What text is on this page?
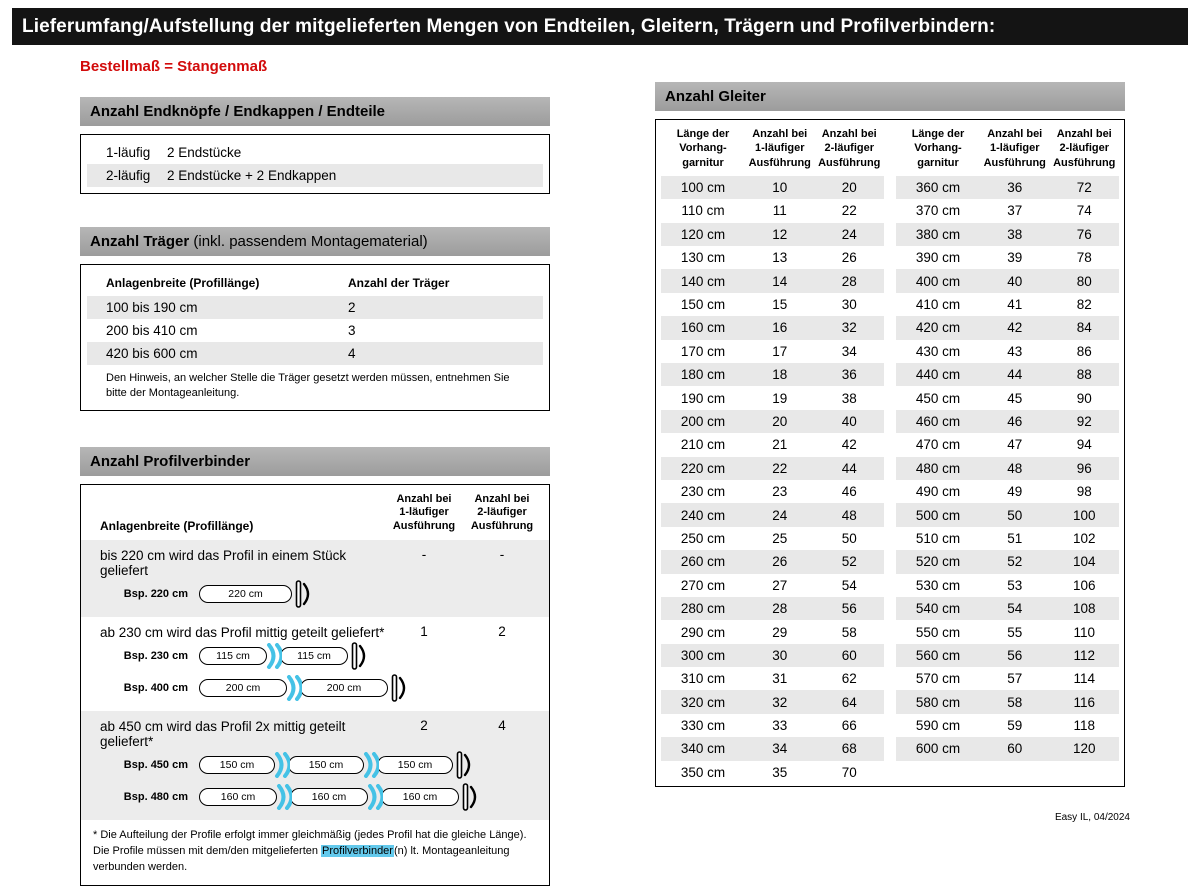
Lieferumfang/Aufstellung der mitgelieferten Mengen von Endteilen, Gleitern, Trägern und Profilverbindern:
Bestellmaß = Stangenmaß
Anzahl Endknöpfe / Endkappen / Endteile
1-läufig	2 Endstücke
2-läufig	2 Endstücke + 2 Endkappen
Anzahl Träger (inkl. passendem Montagematerial)
Anlagenbreite (Profillänge)	Anzahl der Träger
100 bis 190 cm	2
200 bis 410 cm	3
420 bis 600 cm	4
Den Hinweis, an welcher Stelle die Träger gesetzt werden müssen, entnehmen Sie bitte der Montageanleitung.
Anzahl Profilverbinder
Anlagenbreite (Profillänge)
Anzahl bei
1-läufiger
Ausführung
Anzahl bei
2-läufiger
Ausführung
bis 220 cm wird das Profil in einem Stück geliefert
-	-
Bsp. 220 cm	220 cm
ab 230 cm wird das Profil mittig geteilt geliefert*	1	2
Bsp. 230 cm	115 cm	115 cm
Bsp. 400 cm	200 cm	200 cm
ab 450 cm wird das Profil 2x mittig geteilt geliefert*
2	4
Bsp. 450 cm	150 cm	150 cm	150 cm
Bsp. 480 cm	160 cm	160 cm	160 cm
* Die Aufteilung der Profile erfolgt immer gleichmäßig (jedes Profil hat die gleiche Länge). Die Profile müssen mit dem/den mitgelieferten Profilverbinder(n) lt. Montageanleitung verbunden werden.
Anzahl Gleiter
Länge der
Vorhang-
garnitur
Anzahl bei
1-läufiger
Ausführung
Anzahl bei
2-läufiger
Ausführung
100 cm	10	20
110 cm	11	22
120 cm	12	24
130 cm	13	26
140 cm	14	28
150 cm	15	30
160 cm	16	32
170 cm	17	34
180 cm	18	36
190 cm	19	38
200 cm	20	40
210 cm	21	42
220 cm	22	44
230 cm	23	46
240 cm	24	48
250 cm	25	50
260 cm	26	52
270 cm	27	54
280 cm	28	56
290 cm	29	58
300 cm	30	60
310 cm	31	62
320 cm	32	64
330 cm	33	66
340 cm	34	68
350 cm	35	70
Länge der
Vorhang-
garnitur
Anzahl bei
1-läufiger
Ausführung
Anzahl bei
2-läufiger
Ausführung
360 cm	36	72
370 cm	37	74
380 cm	38	76
390 cm	39	78
400 cm	40	80
410 cm	41	82
420 cm	42	84
430 cm	43	86
440 cm	44	88
450 cm	45	90
460 cm	46	92
470 cm	47	94
480 cm	48	96
490 cm	49	98
500 cm	50	100
510 cm	51	102
520 cm	52	104
530 cm	53	106
540 cm	54	108
550 cm	55	110
560 cm	56	112
570 cm	57	114
580 cm	58	116
590 cm	59	118
600 cm	60	120
Easy IL, 04/2024
